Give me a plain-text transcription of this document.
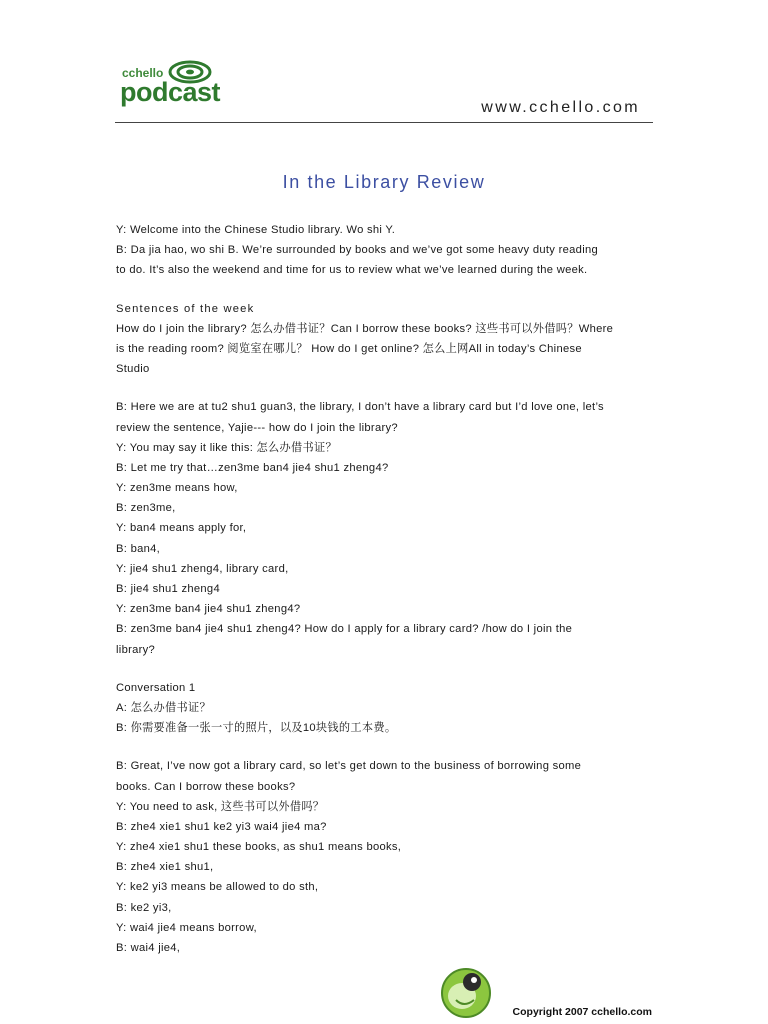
cchello
podcast
www.cchello.com
In the Library Review
Y: Welcome into the Chinese Studio library. Wo shi Y.
B: Da jia hao, wo shi B. We’re surrounded by books and we’ve got some heavy duty reading
to do. It’s also the weekend and time for us to review what we’ve learned during the week.
Sentences of the week
How do I join the library? 怎么办借书证？Can I borrow these books? 这些书可以外借吗？Where
is the reading room? 阅览室在哪儿？ How do I get online? 怎么上网All in today’s Chinese
Studio
B: Here we are at tu2 shu1 guan3, the library, I don’t have a library card but I’d love one, let’s
review the sentence, Yajie--- how do I join the library?
Y: You may say it like this: 怎么办借书证？
B: Let me try that…zen3me ban4 jie4 shu1 zheng4?
Y: zen3me means how,
B: zen3me,
Y: ban4 means apply for,
B: ban4,
Y: jie4 shu1 zheng4, library card,
B: jie4 shu1 zheng4
Y: zen3me ban4 jie4 shu1 zheng4?
B: zen3me ban4 jie4 shu1 zheng4? How do I apply for a library card? /how do I join the
library?
Conversation 1
A: 怎么办借书证？
B: 你需要准备一张一寸的照片，以及10块钱的工本费。
B: Great, I’ve now got a library card, so let’s get down to the business of borrowing some
books. Can I borrow these books?
Y: You need to ask, 这些书可以外借吗？
B: zhe4 xie1 shu1 ke2 yi3 wai4 jie4 ma?
Y: zhe4 xie1 shu1 these books, as shu1 means books,
B: zhe4 xie1 shu1,
Y: ke2 yi3 means be allowed to do sth,
B: ke2 yi3,
Y: wai4 jie4 means borrow,
B: wai4 jie4,
Copyright 2007 cchello.com
